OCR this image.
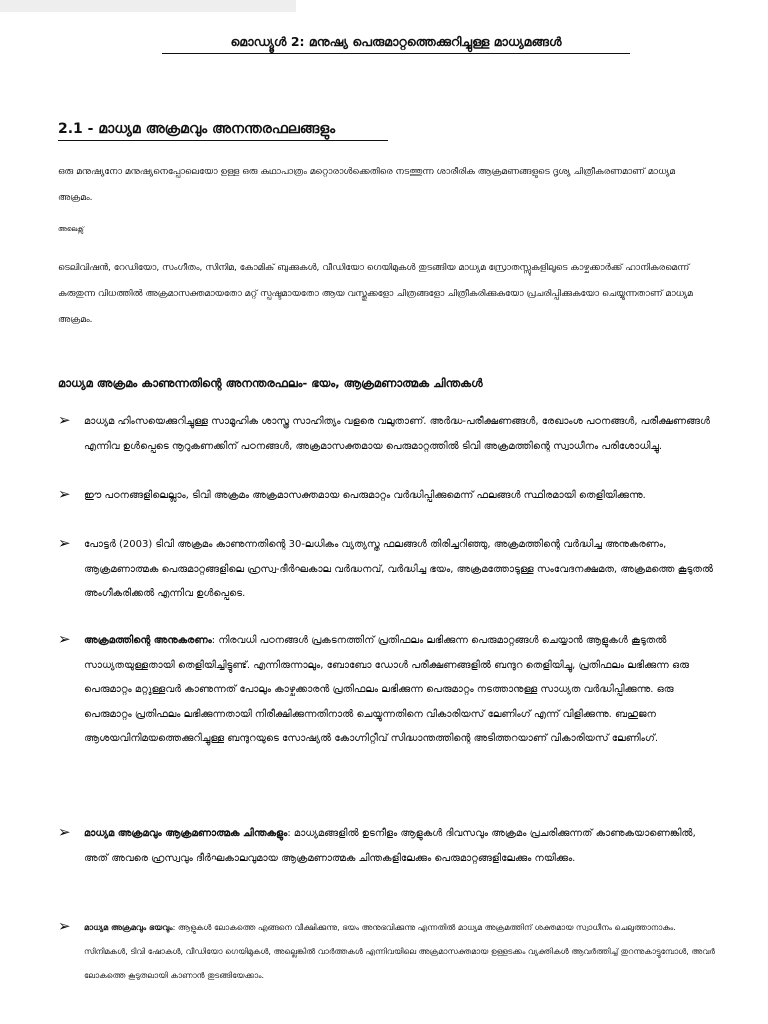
മൊഡ്യൂൾ 2: മനുഷ്യ പെരുമാറ്റത്തെക്കുറിച്ചുള്ള മാധ്യമങ്ങൾ
2.1 - മാധ്യമ അക്രമവും അനന്തരഫലങ്ങളും
ഒരു മനുഷ്യനോ മനുഷ്യനെപ്പോലെയോ ഉള്ള ഒരു കഥാപാത്രം മറ്റൊരാൾക്കെതിരെ നടത്തുന്ന ശാരീരിക ആക്രമണങ്ങളുടെ ദൃശ്യ ചിത്രീകരണമാണ് മാധ്യമ അക്രമം.
അലെക്സ്
ടെലിവിഷൻ, റേഡിയോ, സംഗീതം, സിനിമ, കോമിക് ബുക്കുകൾ, വീഡിയോ ഗെയിമുകൾ തുടങ്ങിയ മാധ്യമ സ്രോതസ്സുകളിലൂടെ കാഴ്ചക്കാർക്ക് ഹാനികരമെന്ന് കരുതുന്ന വിധത്തിൽ അക്രമാസക്തമായതോ മറ്റ് സ്പഷ്ടമായതോ ആയ വസ്തുക്കളോ ചിത്രങ്ങളോ ചിത്രീകരിക്കുകയോ പ്രചരിപ്പിക്കുകയോ ചെയ്യുന്നതാണ് മാധ്യമ അക്രമം.
മാധ്യമ അക്രമം കാണുന്നതിന്റെ അനന്തരഫലം- ഭയം, ആക്രമണാത്മക ചിന്തകൾ
➢ മാധ്യമ ഹിംസയെക്കുറിച്ചുള്ള സാമൂഹിക ശാസ്ത്ര സാഹിത്യം വളരെ വലുതാണ്. അർദ്ധ-പരീക്ഷണങ്ങൾ, രേഖാംശ പഠനങ്ങൾ, പരീക്ഷണങ്ങൾ എന്നിവ ഉൾപ്പെടെ നൂറുകണക്കിന് പഠനങ്ങൾ, അക്രമാസക്തമായ പെരുമാറ്റത്തിൽ ടിവി അക്രമത്തിന്റെ സ്വാധീനം പരിശോധിച്ചു.
➢ ഈ പഠനങ്ങളിലെല്ലാം, ടിവി അക്രമം അക്രമാസക്തമായ പെരുമാറ്റം വർദ്ധിപ്പിക്കുമെന്ന് ഫലങ്ങൾ സ്ഥിരമായി തെളിയിക്കുന്നു.
➢ പോട്ടർ (2003) ടിവി അക്രമം കാണുന്നതിന്റെ 30-ലധികം വ്യത്യസ്ത ഫലങ്ങൾ തിരിച്ചറിഞ്ഞു, അക്രമത്തിന്റെ വർദ്ധിച്ച അനുകരണം, ആക്രമണാത്മക പെരുമാറ്റങ്ങളിലെ ഹ്രസ്വ-ദീർഘകാല വർദ്ധനവ്, വർദ്ധിച്ച ഭയം, അക്രമത്തോടുള്ള സംവേദനക്ഷമത, അക്രമത്തെ കൂടുതൽ അംഗീകരിക്കൽ എന്നിവ ഉൾപ്പെടെ.
➢ അക്രമത്തിന്റെ അനുകരണം: നിരവധി പഠനങ്ങൾ പ്രകടനത്തിന് പ്രതിഫലം ലഭിക്കുന്ന പെരുമാറ്റങ്ങൾ ചെയ്യാൻ ആളുകൾ കൂടുതൽ സാധ്യതയുള്ളതായി തെളിയിച്ചിട്ടുണ്ട്. എന്നിരുന്നാലും, ബോബോ ഡോൾ പരീക്ഷണങ്ങളിൽ ബന്ദുറ തെളിയിച്ചു, പ്രതിഫലം ലഭിക്കുന്ന ഒരു പെരുമാറ്റം മറ്റുള്ളവർ കാണുന്നത് പോലും കാഴ്ചക്കാരൻ പ്രതിഫലം ലഭിക്കുന്ന പെരുമാറ്റം നടത്താനുള്ള സാധ്യത വർദ്ധിപ്പിക്കുന്നു. ഒരു പെരുമാറ്റം പ്രതിഫലം ലഭിക്കുന്നതായി നിരീക്ഷിക്കുന്നതിനാൽ ചെയ്യുന്നതിനെ വികാരിയസ് ലേണിംഗ് എന്ന് വിളിക്കുന്നു. ബഹുജന ആശയവിനിമയത്തെക്കുറിച്ചുള്ള ബന്ദുറയുടെ സോഷ്യൽ കോഗ്നിറ്റീവ് സിദ്ധാന്തത്തിന്റെ അടിത്തറയാണ് വികാരിയസ് ലേണിംഗ്.
➢ മാധ്യമ അക്രമവും ആക്രമണാത്മക ചിന്തകളും: മാധ്യമങ്ങളിൽ ഉടനീളം ആളുകൾ ദിവസവും അക്രമം പ്രചരിക്കുന്നത് കാണുകയാണെങ്കിൽ, അത് അവരെ ഹ്രസ്വവും ദീർഘകാലവുമായ ആക്രമണാത്മക ചിന്തകളിലേക്കും പെരുമാറ്റങ്ങളിലേക്കും നയിക്കും.
➢ മാധ്യമ അക്രമവും ഭയവും: ആളുകൾ ലോകത്തെ എങ്ങനെ വീക്ഷിക്കുന്നു, ഭയം അനുഭവിക്കുന്നു എന്നതിൽ മാധ്യമ അക്രമത്തിന് ശക്തമായ സ്വാധീനം ചെലുത്താനാകും. സിനിമകൾ, ടിവി ഷോകൾ, വീഡിയോ ഗെയിമുകൾ, അല്ലെങ്കിൽ വാർത്തകൾ എന്നിവയിലെ അക്രമാസക്തമായ ഉള്ളടക്കം വ്യക്തികൾ ആവർത്തിച്ച് തുറന്നുകാട്ടുമ്പോൾ, അവർ ലോകത്തെ കൂടുതലായി കാണാൻ തുടങ്ങിയേക്കാം.
